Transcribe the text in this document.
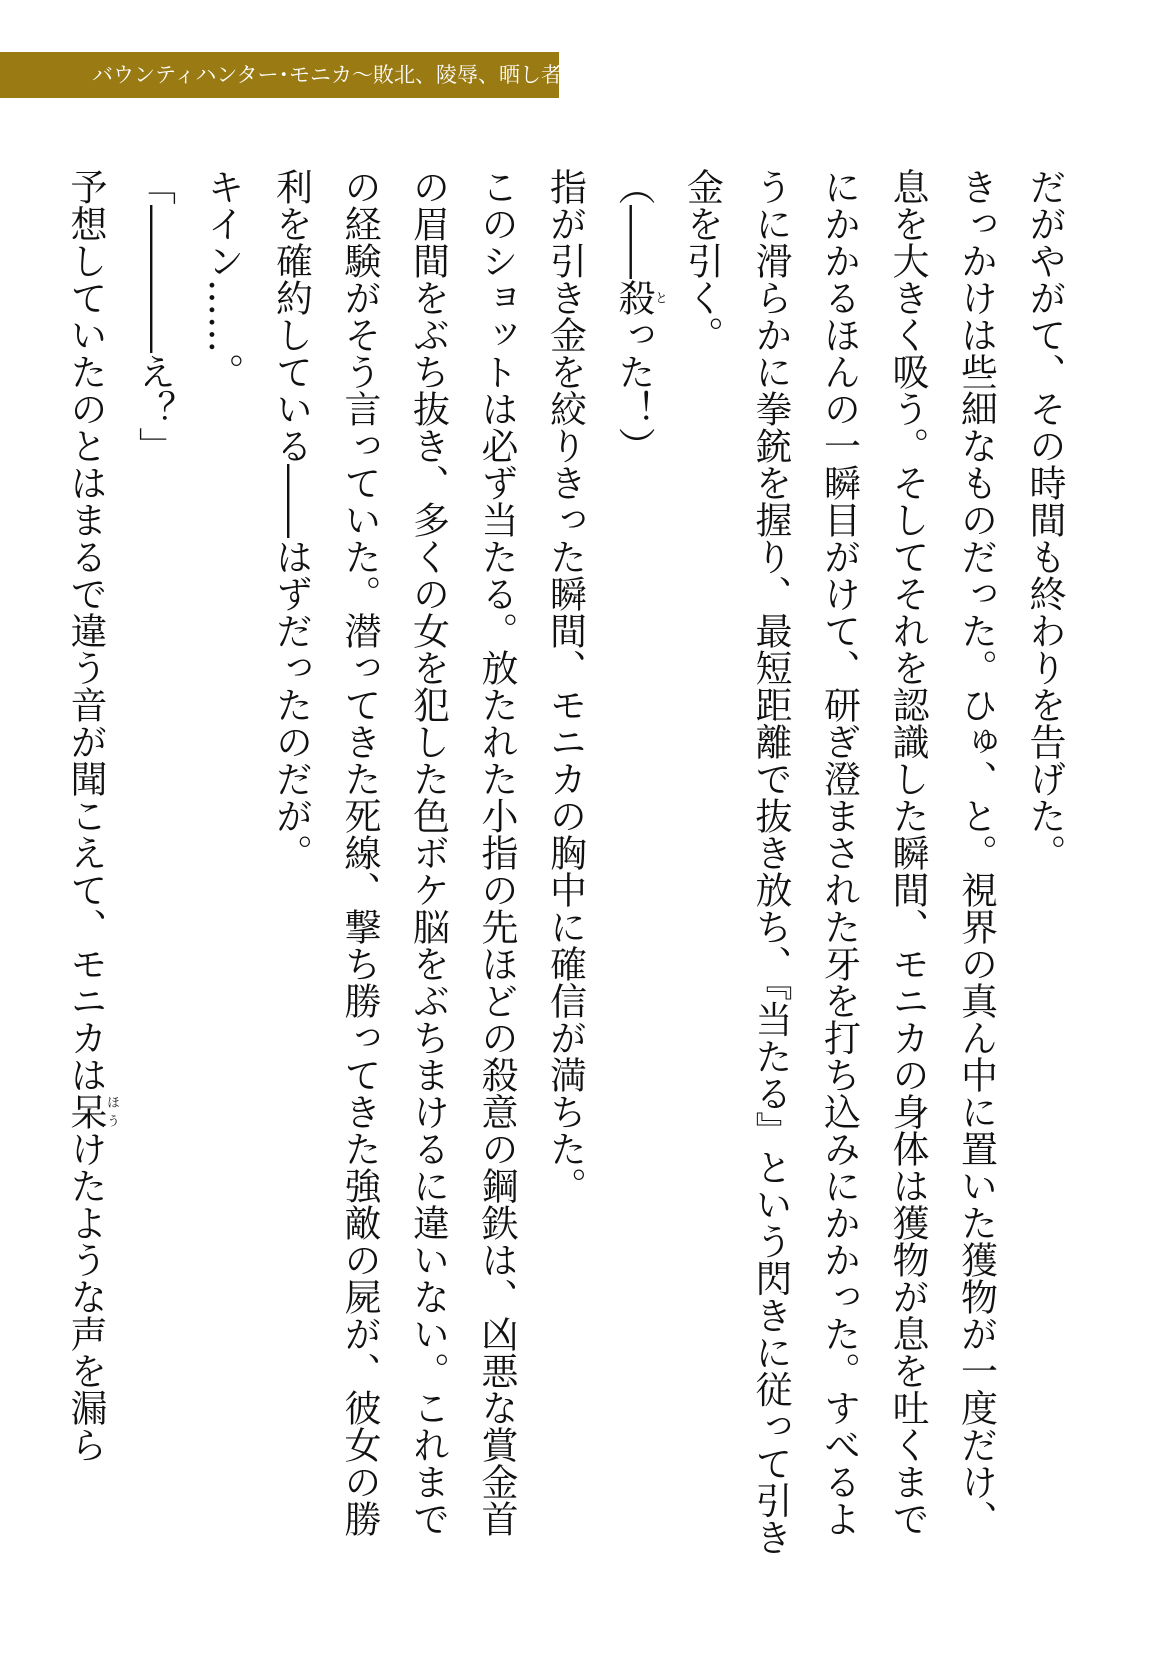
バウンティハンター･モニカ〜敗北、陵辱、晒し者〜
だがやがて、その時間も終わりを告げた。
きっかけは些細なものだった。ひゅ、と。視界の真ん中に置いた獲物が一度だけ、息を大きく吸う。そしてそれを認識した瞬間、モニカの身体は獲物が息を吐くまでにかかるほんの一瞬目がけて、研ぎ澄まされた牙を打ち込みにかかった。すべるように滑らかに拳銃を握り、最短距離で抜き放ち、『当たる』という閃きに従って引き金を引く。
（――殺とった！）
指が引き金を絞りきった瞬間、モニカの胸中に確信が満ちた。
このショットは必ず当たる。放たれた小指の先ほどの殺意の鋼鉄は、凶悪な賞金首の眉間をぶち抜き、多くの女を犯した色ボケ脳をぶちまけるに違いない。これまでの経験がそう言っていた。潜ってきた死線、撃ち勝ってきた強敵の屍が、彼女の勝利を確約している――はずだったのだが。
キイン……。
「――――え？」
予想していたのとはまるで違う音が聞こえて、モニカは呆ほうけたような声を漏ら
